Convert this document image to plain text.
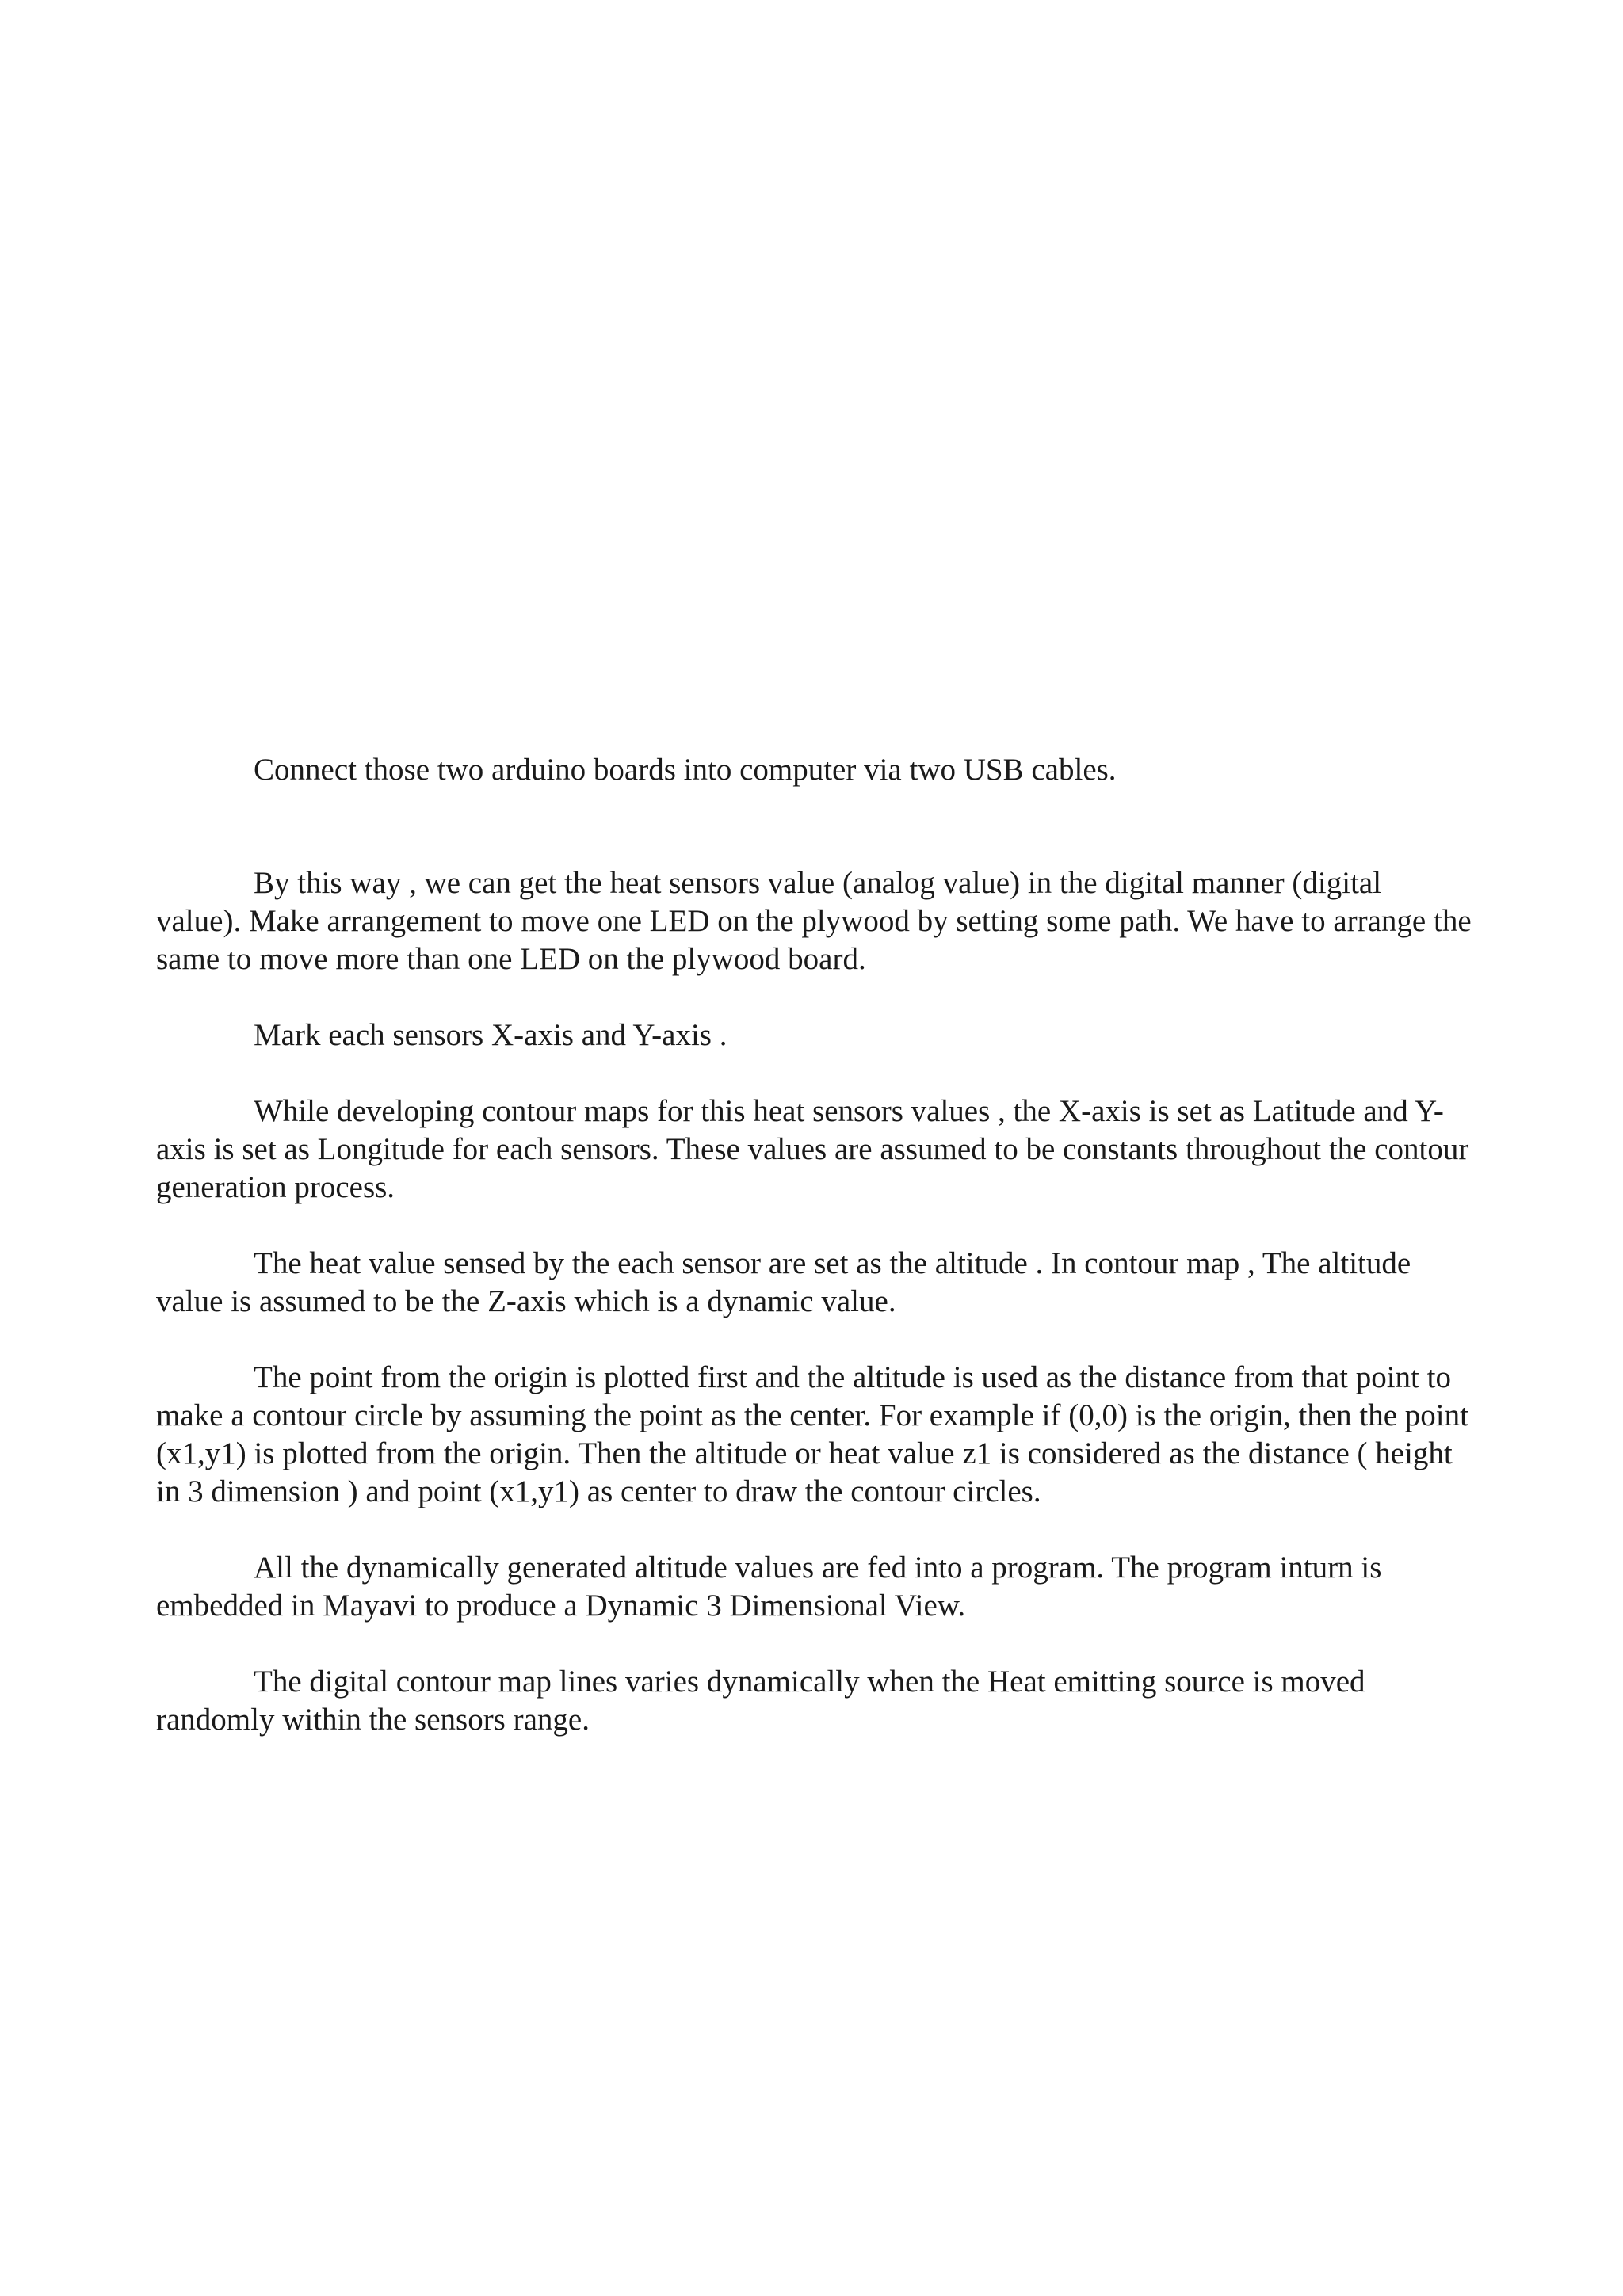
Connect those two arduino boards into computer via two USB cables.

By this way , we can get the heat sensors value (analog value) in the digital manner (digital value). Make arrangement to move one LED on the plywood by setting some path. We have to arrange the same to move more than one LED on the plywood board.

Mark each sensors X-axis and Y-axis .

While developing contour maps for this heat sensors values , the X-axis is set as Latitude and Y-axis is set as Longitude for each sensors. These values are assumed to be constants throughout the contour generation process.

The heat value sensed by the each sensor are set as the altitude . In contour map , The altitude value is assumed to be the Z-axis which is a dynamic value.

The point from the origin is plotted first and the altitude is used as the distance from that point to make a contour circle by assuming the point as the center. For example if (0,0) is the origin, then the point (x1,y1) is plotted from the origin. Then the altitude or heat value z1 is considered as the distance ( height in 3 dimension ) and point (x1,y1) as center to draw the contour circles.

All the dynamically generated altitude values are fed into a program. The program inturn is embedded in Mayavi to produce a Dynamic 3 Dimensional View.

The digital contour map lines varies dynamically when the Heat emitting source is moved randomly within the sensors range.
